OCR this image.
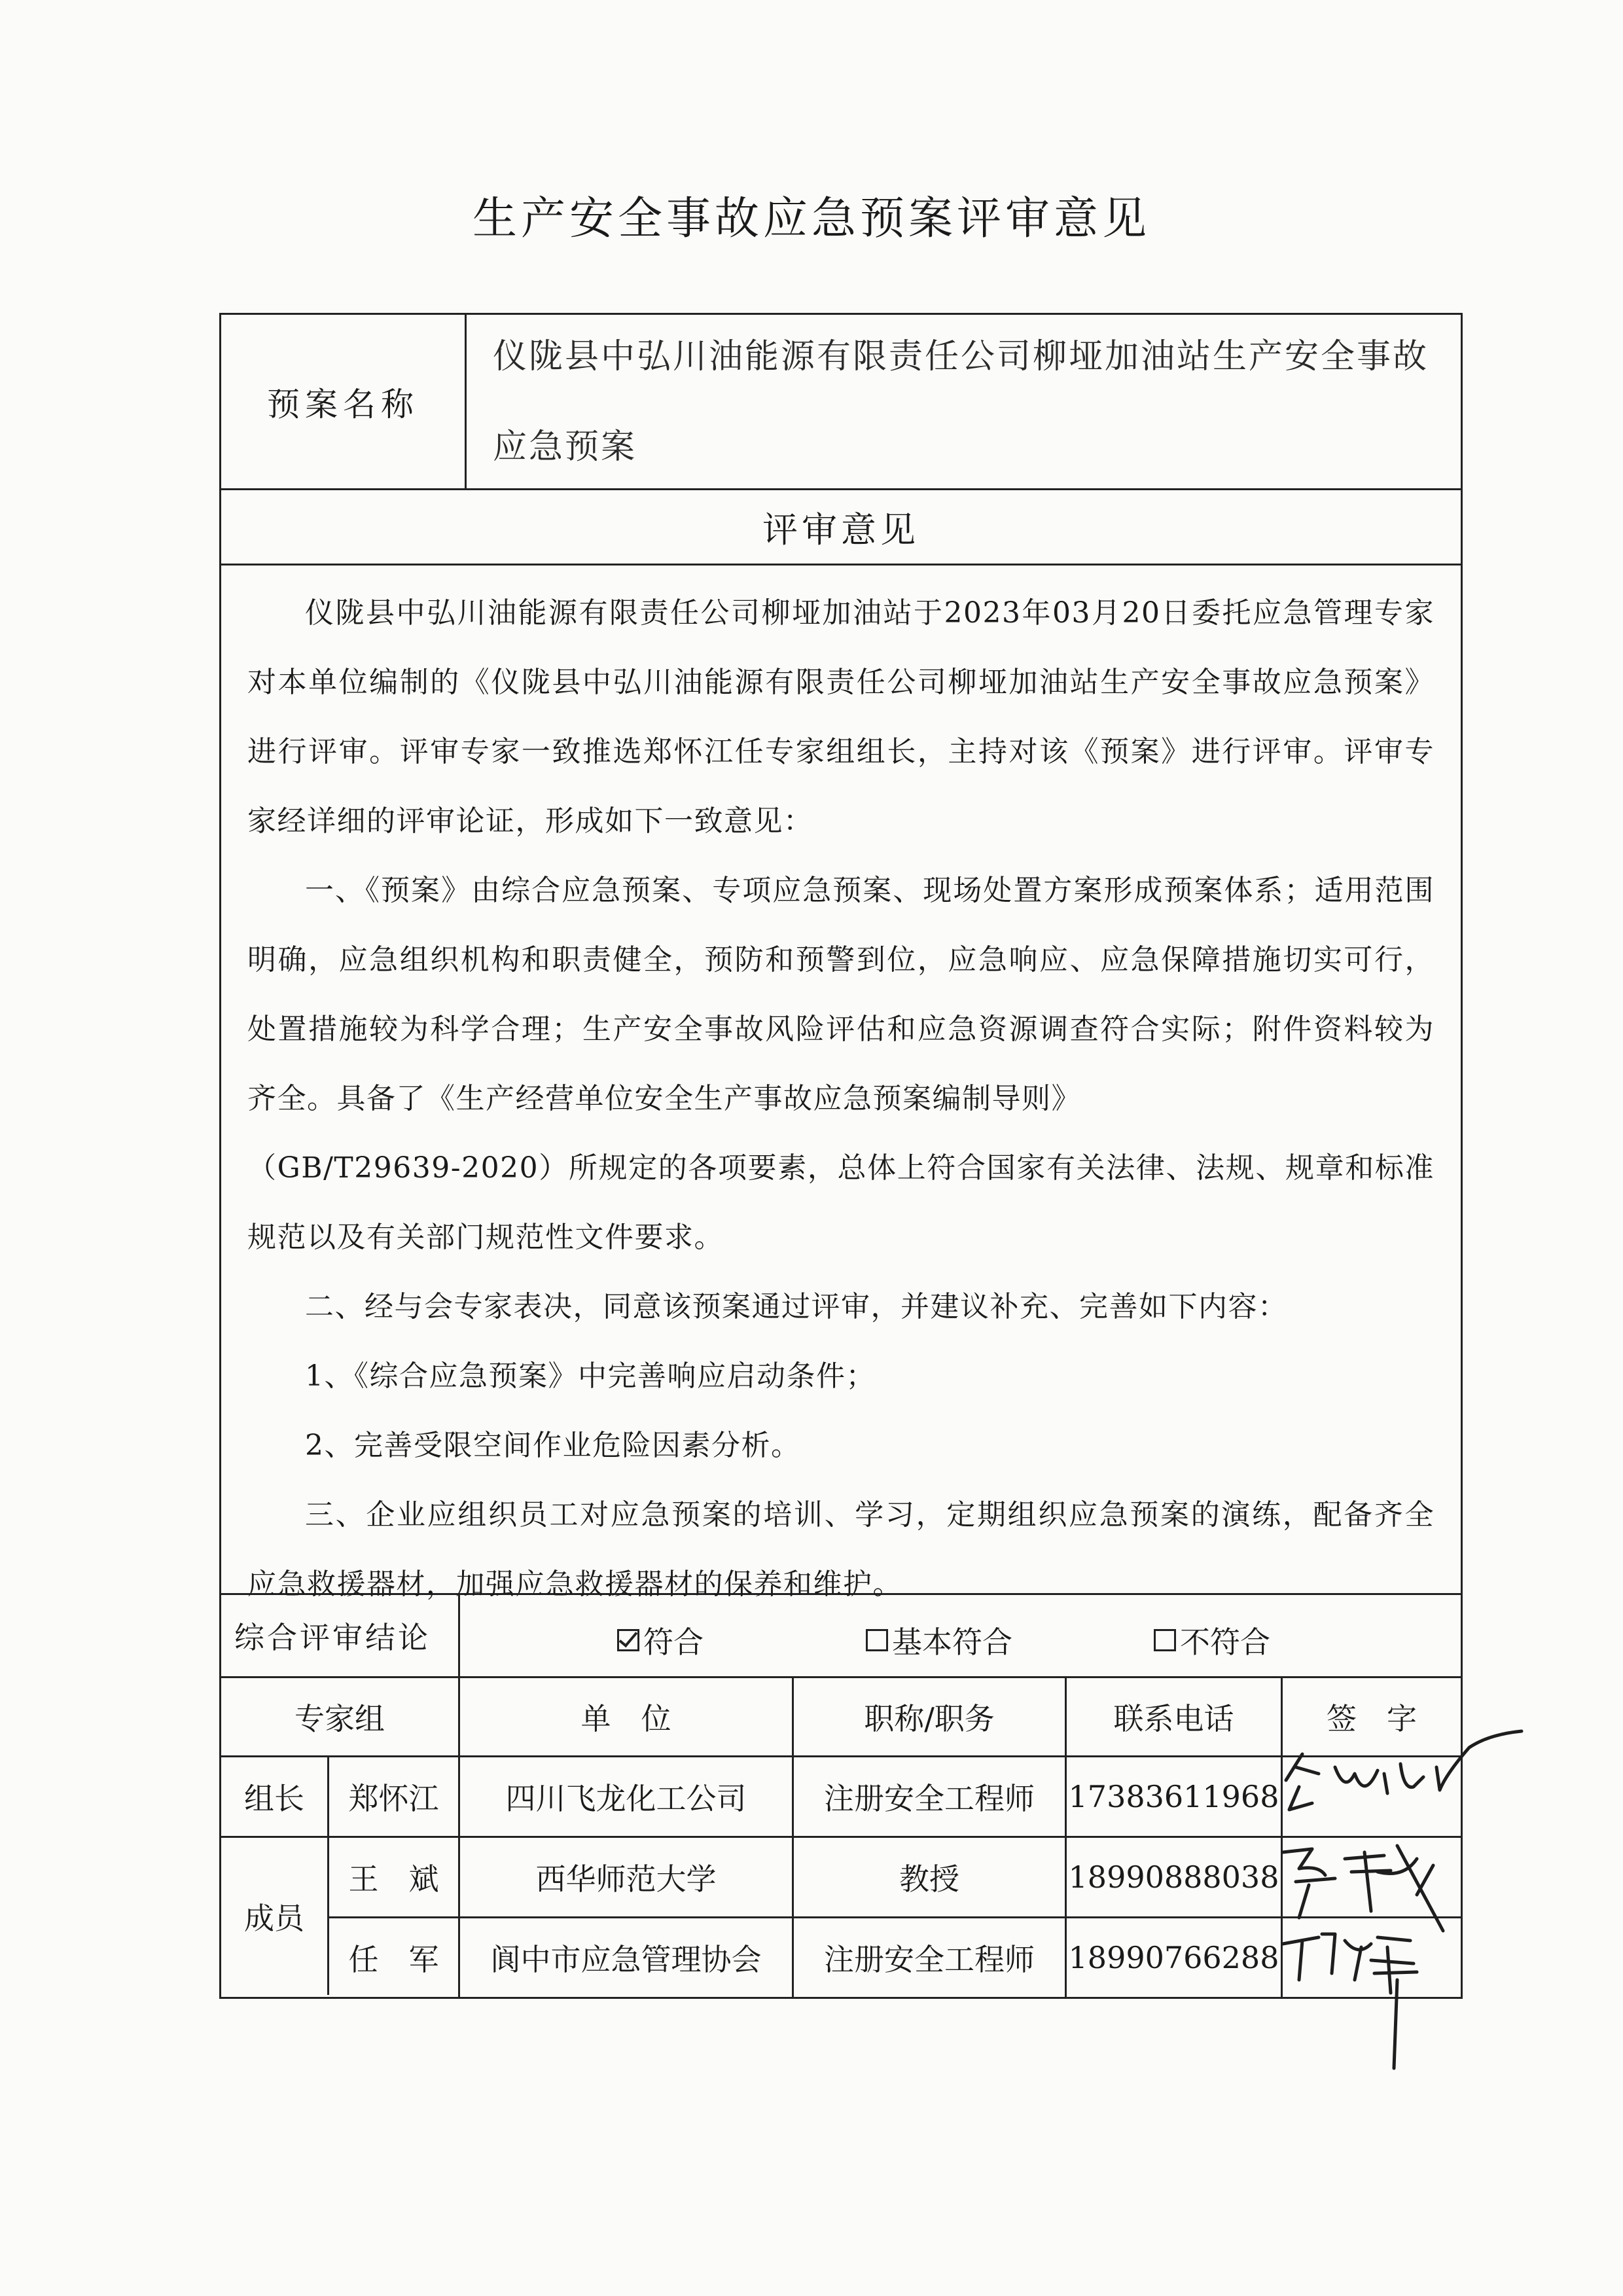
生产安全事故应急预案评审意见
预案名称
仪陇县中弘川油能源有限责任公司柳垭加油站生产安全事故应急预案
评审意见

仪陇县中弘川油能源有限责任公司柳垭加油站于2023年03月20日委托应急管理专家对本单位编制的《仪陇县中弘川油能源有限责任公司柳垭加油站生产安全事故应急预案》进行评审。评审专家一致推选郑怀江任专家组组长，主持对该《预案》进行评审。评审专家经详细的评审论证，形成如下一致意见：

一、《预案》由综合应急预案、专项应急预案、现场处置方案形成预案体系；适用范围明确，应急组织机构和职责健全，预防和预警到位，应急响应、应急保障措施切实可行，处置措施较为科学合理；生产安全事故风险评估和应急资源调查符合实际；附件资料较为齐全。具备了《生产经营单位安全生产事故应急预案编制导则》

（GB/T29639-2020）所规定的各项要素，总体上符合国家有关法律、法规、规章和标准规范以及有关部门规范性文件要求。

二、经与会专家表决，同意该预案通过评审，并建议补充、完善如下内容：

1、《综合应急预案》中完善响应启动条件；

2、完善受限空间作业危险因素分析。

三、企业应组织员工对应急预案的培训、学习，定期组织应急预案的演练，配备齐全应急救援器材，加强应急救援器材的保养和维护。

综合评审结论	符合	基本符合	不符合
专家组	单　位	职称/职务	联系电话	签　字
组长	郑怀江	四川飞龙化工公司	注册安全工程师	17383611968
成员
王　斌	西华师范大学	教授	18990888038
任　军	阆中市应急管理协会	注册安全工程师	18990766288
